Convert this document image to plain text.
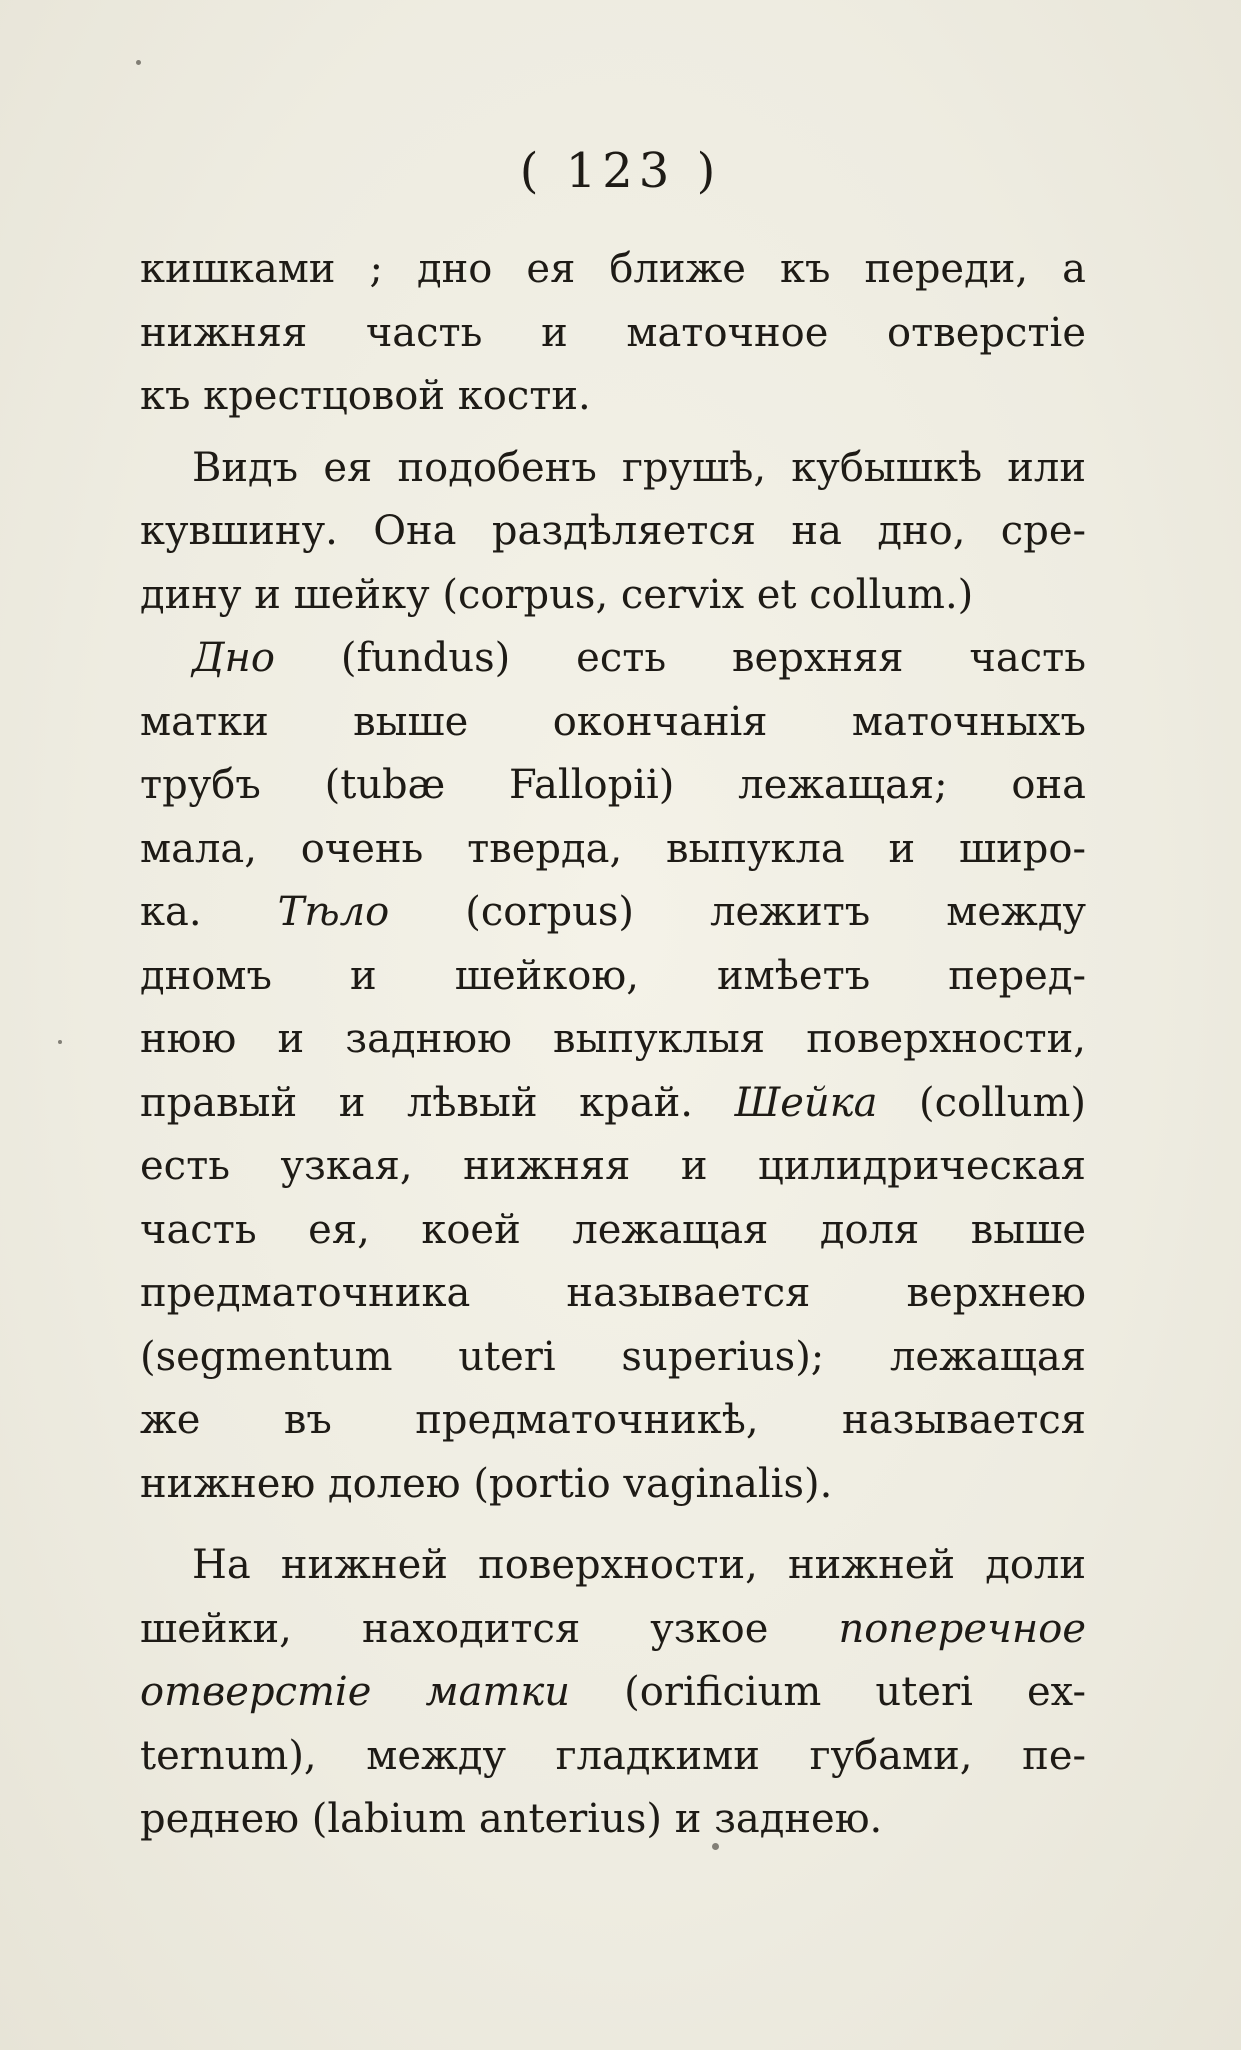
( 123 )
кишками ; дно ея ближе къ переди, а
нижняя часть и маточное отверстіе
къ крестцовой кости.
Видъ ея подобенъ грушѣ, кубышкѣ или
кувшину. Она раздѣляется на дно, сре-
дину и шейку (corpus, cervix et collum.)
Дно (fundus) есть верхняя часть
матки выше окончанія маточныхъ
трубъ (tubæ Fallopii) лежащая; она
мала, очень тверда, выпукла и широ-
ка. Тѣло (corpus) лежитъ между
дномъ и шейкою, имѣетъ перед-
нюю и заднюю выпуклыя поверхности,
правый и лѣвый край. Шейка (collum)
есть узкая, нижняя и цилидрическая
часть ея, коей лежащая доля выше
предматочника называется верхнею
(segmentum uteri superius); лежащая
же въ предматочникѣ, называется
нижнею долею (portio vaginalis).
На нижней поверхности, нижней доли
шейки, находится узкое поперечное
отверстіе матки (orificium uteri ex-
ternum), между гладкими губами, пе-
реднею (labium anterius) и заднею.
